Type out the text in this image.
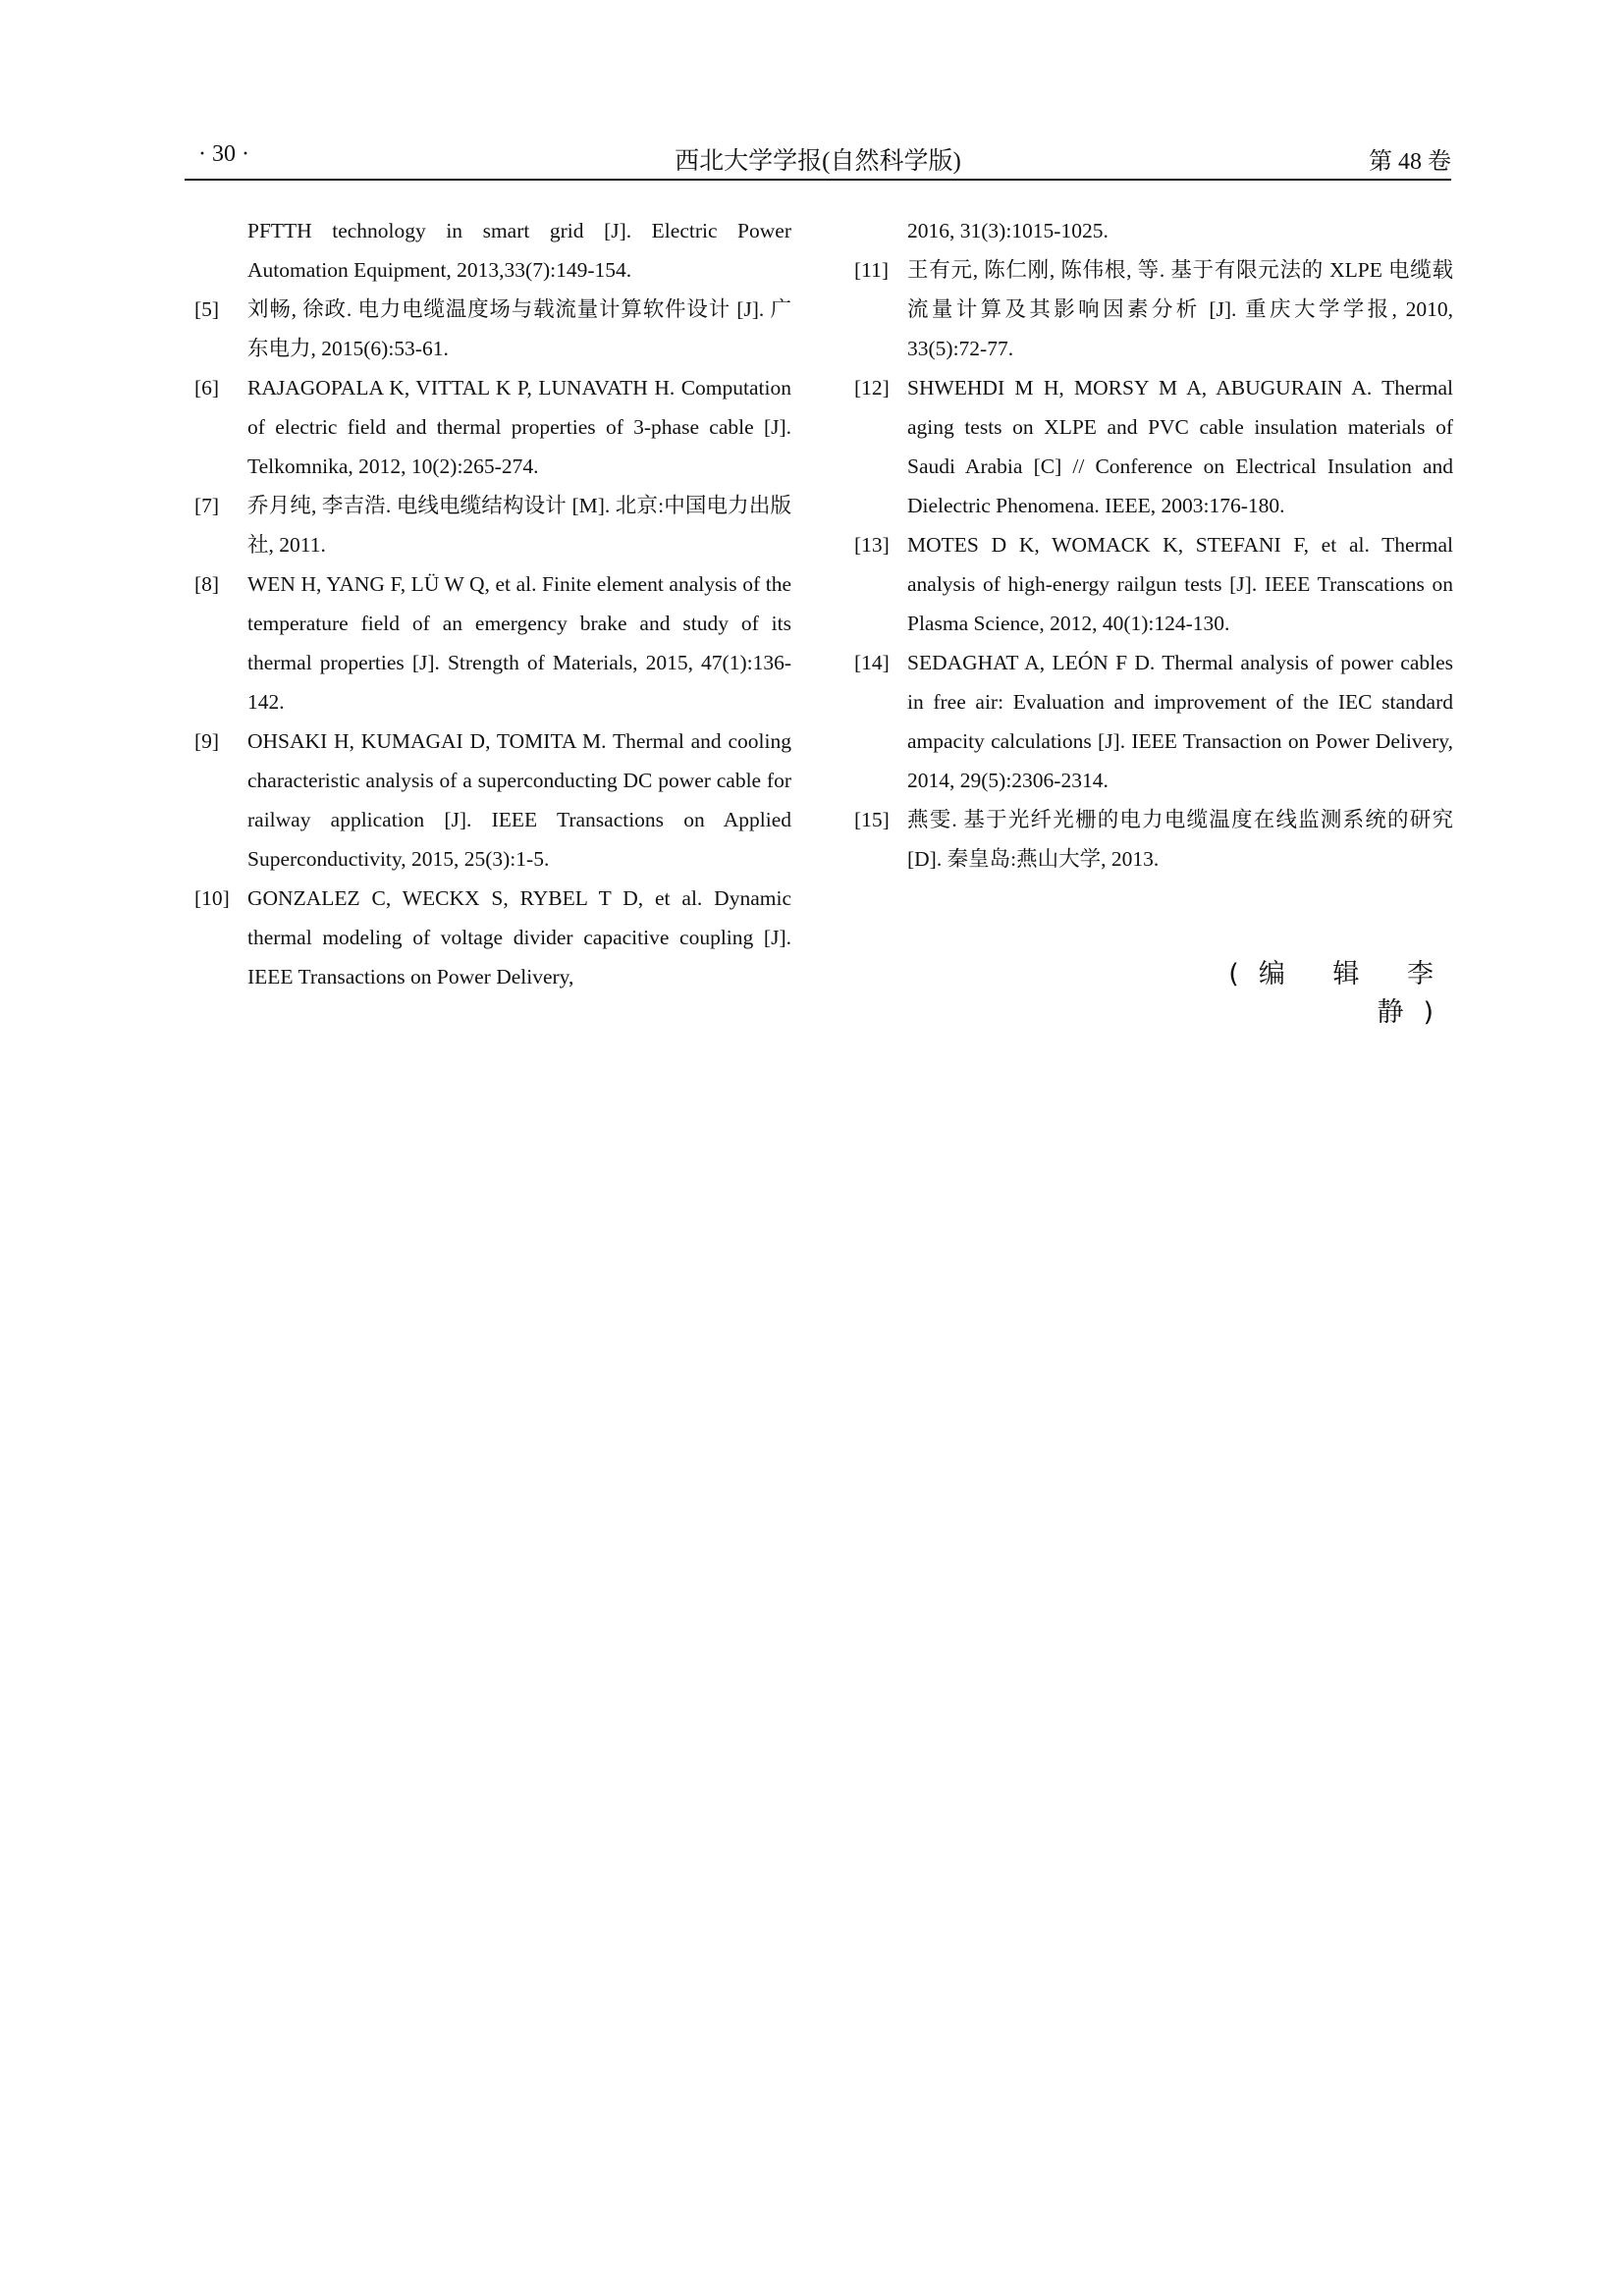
· 30 ·	西北大学学报(自然科学版)	第 48 卷
PFTTH technology in smart grid [J]. Electric Power Automation Equipment, 2013,33(7):149-154.
[5] 刘畅, 徐政. 电力电缆温度场与载流量计算软件设计 [J]. 广东电力, 2015(6):53-61.
[6] RAJAGOPALA K, VITTAL K P, LUNAVATH H. Computation of electric field and thermal properties of 3-phase cable [J]. Telkomnika, 2012, 10(2):265-274.
[7] 乔月纯, 李吉浩. 电线电缆结构设计 [M]. 北京:中国电力出版社, 2011.
[8] WEN H, YANG F, LÜ W Q, et al. Finite element analysis of the temperature field of an emergency brake and study of its thermal properties [J]. Strength of Materials, 2015, 47(1):136-142.
[9] OHSAKI H, KUMAGAI D, TOMITA M. Thermal and cooling characteristic analysis of a superconducting DC power cable for railway application [J]. IEEE Transactions on Applied Superconductivity, 2015, 25(3):1-5.
[10] GONZALEZ C, WECKX S, RYBEL T D, et al. Dynamic thermal modeling of voltage divider capacitive coupling [J]. IEEE Transactions on Power Delivery,
2016, 31(3):1015-1025.
[11] 王有元, 陈仁刚, 陈伟根, 等. 基于有限元法的 XLPE 电缆载流量计算及其影响因素分析 [J]. 重庆大学学报, 2010, 33(5):72-77.
[12] SHWEHDI M H, MORSY M A, ABUGURAIN A. Thermal aging tests on XLPE and PVC cable insulation materials of Saudi Arabia [C] // Conference on Electrical Insulation and Dielectric Phenomena. IEEE, 2003:176-180.
[13] MOTES D K, WOMACK K, STEFANI F, et al. Thermal analysis of high-energy railgun tests [J]. IEEE Transcations on Plasma Science, 2012, 40(1):124-130.
[14] SEDAGHAT A, LEÓN F D. Thermal analysis of power cables in free air: Evaluation and improvement of the IEC standard ampacity calculations [J]. IEEE Transaction on Power Delivery, 2014, 29(5):2306-2314.
[15] 燕雯. 基于光纤光栅的电力电缆温度在线监测系统的研究 [D]. 秦皇岛:燕山大学, 2013.
(编 辑 李 静)
